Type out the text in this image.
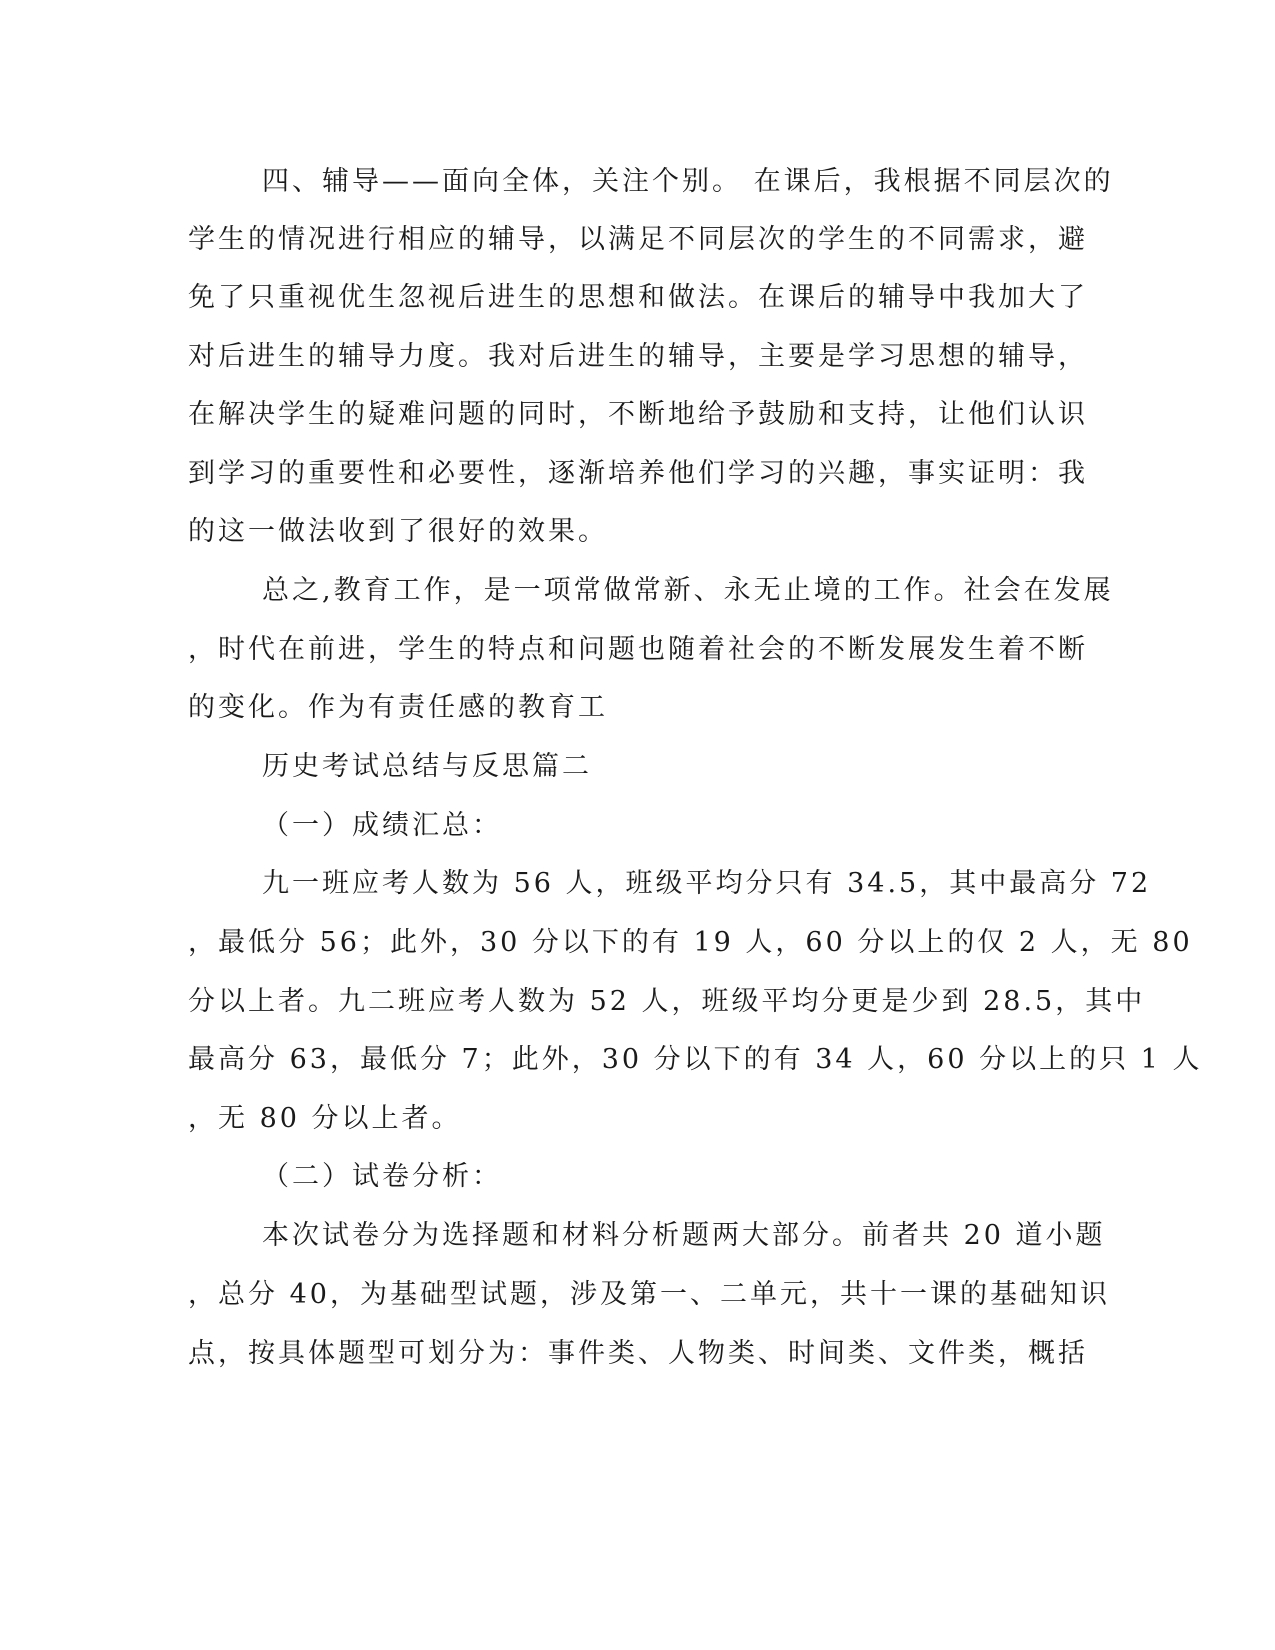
四、辅导——面向全体，关注个别。 在课后，我根据不同层次的
学生的情况进行相应的辅导，以满足不同层次的学生的不同需求，避
免了只重视优生忽视后进生的思想和做法。在课后的辅导中我加大了
对后进生的辅导力度。我对后进生的辅导，主要是学习思想的辅导，
在解决学生的疑难问题的同时，不断地给予鼓励和支持，让他们认识
到学习的重要性和必要性，逐渐培养他们学习的兴趣，事实证明：我
的这一做法收到了很好的效果。
总之,教育工作，是一项常做常新、永无止境的工作。社会在发展
，时代在前进，学生的特点和问题也随着社会的不断发展发生着不断
的变化。作为有责任感的教育工
历史考试总结与反思篇二
（一）成绩汇总：
九一班应考人数为 56 人，班级平均分只有 34.5，其中最高分 72
，最低分 56；此外，30 分以下的有 19 人，60 分以上的仅 2 人，无 80
分以上者。九二班应考人数为 52 人，班级平均分更是少到 28.5，其中
最高分 63，最低分 7；此外，30 分以下的有 34 人，60 分以上的只 1 人
，无 80 分以上者。
（二）试卷分析：
本次试卷分为选择题和材料分析题两大部分。前者共 20 道小题
，总分 40，为基础型试题，涉及第一、二单元，共十一课的基础知识
点，按具体题型可划分为：事件类、人物类、时间类、文件类，概括
